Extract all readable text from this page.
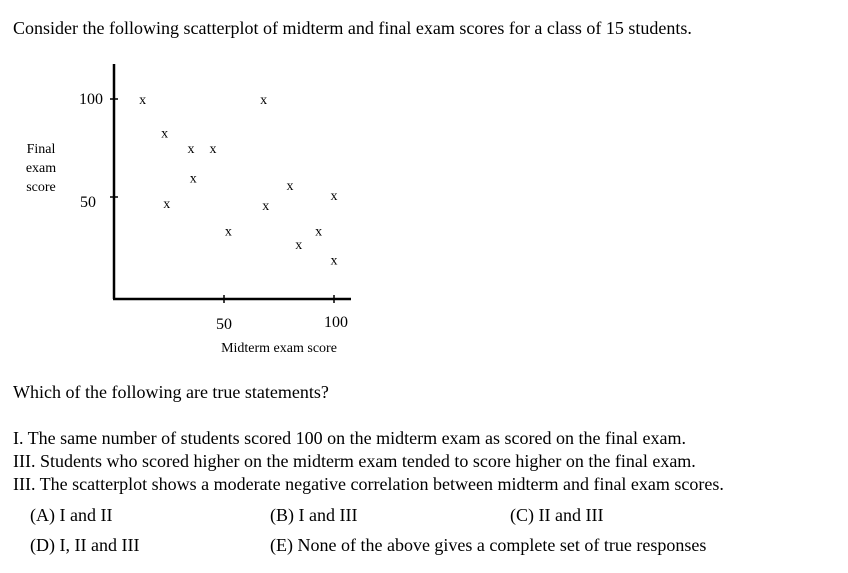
Consider the following scatterplot of midterm and final exam scores for a class of 15 students.
100
50
50	100
Midterm exam score
Final
exam
score
x	x
x
x x
x
x
x
x
x
x	x
x
x
Which of the following are true statements?
I. The same number of students scored 100 on the midterm exam as scored on the final exam.
III. Students who scored higher on the midterm exam tended to score higher on the final exam.
III. The scatterplot shows a moderate negative correlation between midterm and final exam scores.
(A) I and II	(B) I and III	(C) II and III
(D) I, II and III	(E) None of the above gives a complete set of true responses
